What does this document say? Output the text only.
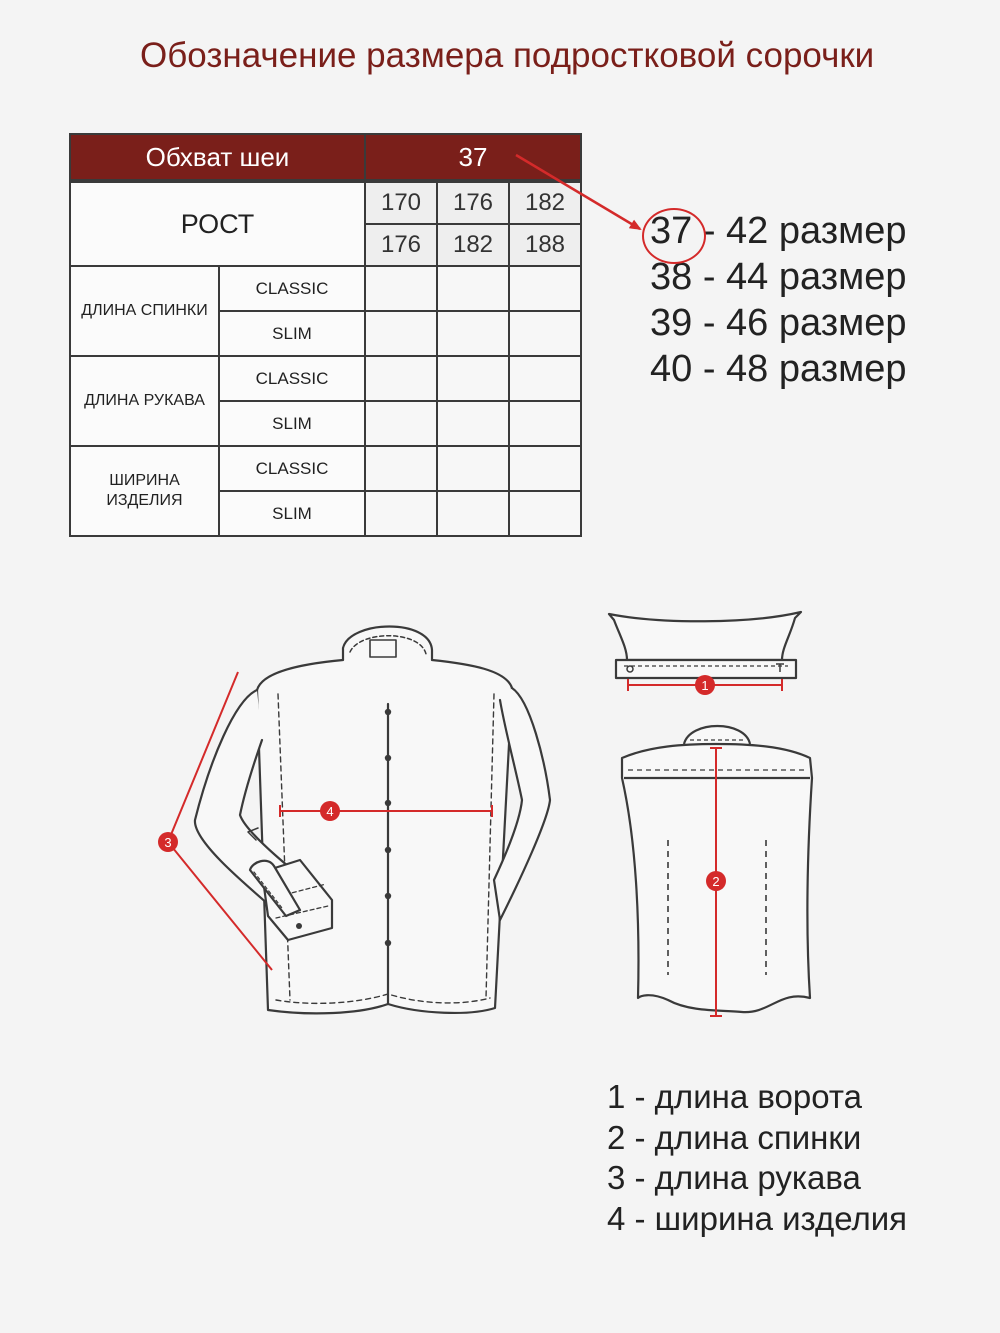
Обозначение размера подростковой сорочки
Обхват шеи		37		
РОСТ		170	176	182
		176	182	188
ДЛИНА СПИНКИ	CLASSIC			
	SLIM			
ДЛИНА РУКАВА	CLASSIC			
	SLIM			
ШИРИНА ИЗДЕЛИЯ	CLASSIC			
	SLIM			
37 - 42 размер
38 - 44 размер
39 - 46 размер
40 - 48 размер
1
2
3
4
1 - длина ворота
2 - длина спинки
3 - длина рукава
4 - ширина изделия
